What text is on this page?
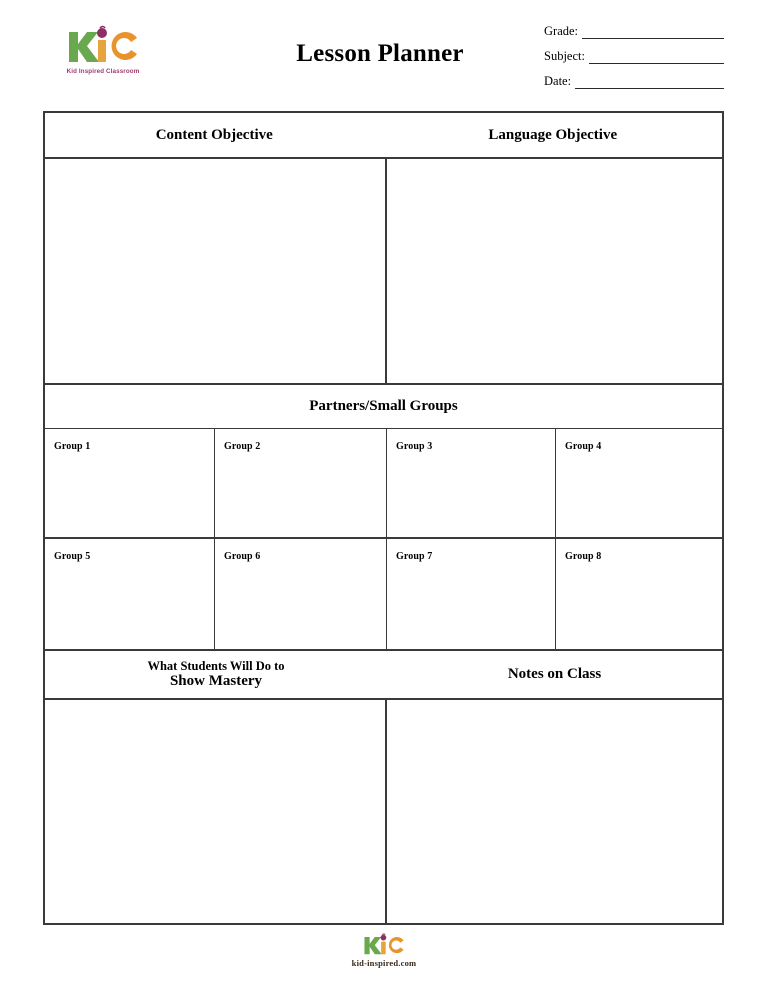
Kid Inspired Classroom
Lesson Planner
Grade:
Subject:
Date:
Content Objective	Language Objective
Partners/Small Groups
Group 1	Group 2	Group 3	Group 4
Group 5	Group 6	Group 7	Group 8
What Students Will Do to
Show Mastery	Notes on Class
kid-inspired.com
